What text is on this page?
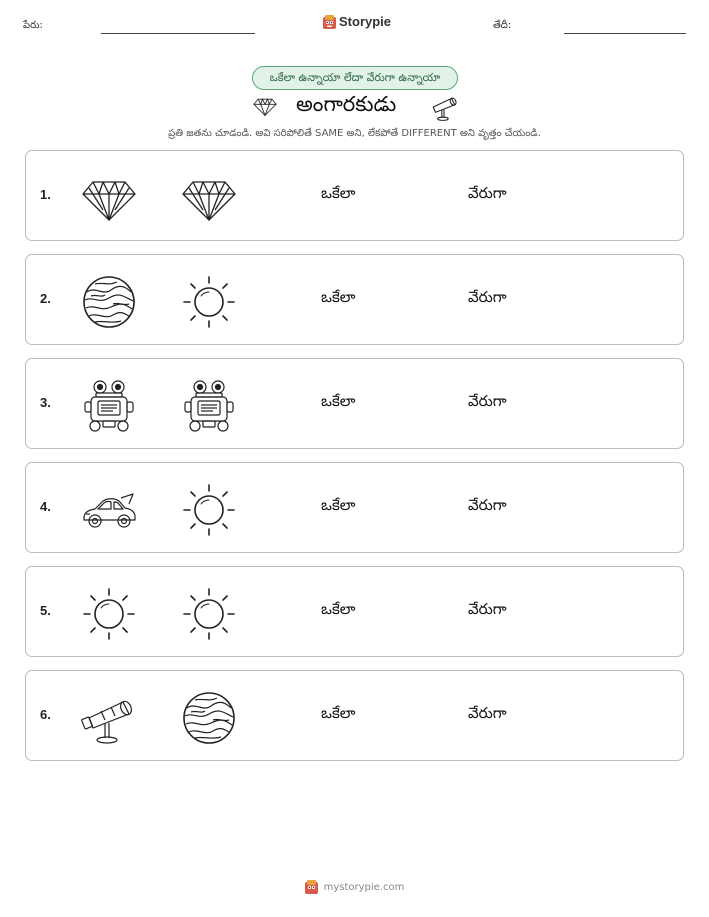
పేరు:	Storypie	తేదీ:
ఒకేలా ఉన్నాయా లేదా వేరుగా ఉన్నాయా
అంగారకుడు
ప్రతి జతను చూడండి. అవి సరిపోలితే SAME అని, లేకపోతే DIFFERENT అని వృత్తం చేయండి.
1.	ఒకేలా	వేరుగా
2.	ఒకేలా	వేరుగా
3.	ఒకేలా	వేరుగా
4.	ఒకేలా	వేరుగా
5.	ఒకేలా	వేరుగా
6.	ఒకేలా	వేరుగా
mystorypie.com
